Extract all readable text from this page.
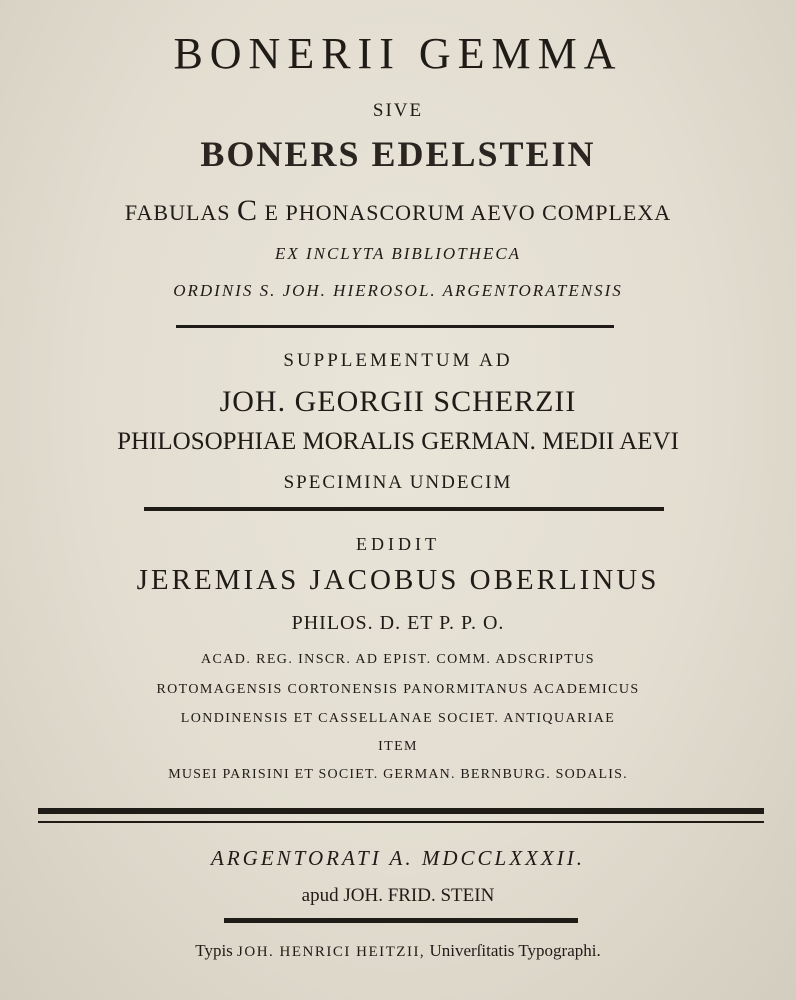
BONERII GEMMA
SIVE
BONERS EDELSTEIN
FABULAS C E PHONASCORUM AEVO COMPLEXA
EX INCLYTA BIBLIOTHECA
ORDINIS S. JOH. HIEROSOL. ARGENTORATENSIS
SUPPLEMENTUM AD
JOH. GEORGII SCHERZII
PHILOSOPHIAE MORALIS GERMAN. MEDII AEVI
SPECIMINA UNDECIM
EDIDIT
JEREMIAS JACOBUS OBERLINUS
PHILOS. D. ET P. P. O.
ACAD. REG. INSCR. AD EPIST. COMM. ADSCRIPTUS
ROTOMAGENSIS CORTONENSIS PANORMITANUS ACADEMICUS
LONDINENSIS ET CASSELLANAE SOCIET. ANTIQUARIAE
ITEM
MUSEI PARISINI ET SOCIET. GERMAN. BERNBURG. SODALIS.
ARGENTORATI A. MDCCLXXXII.
apud JOH. FRID. STEIN
Typis JOH. HENRICI HEITZII, Univerſitatis Typographi.
